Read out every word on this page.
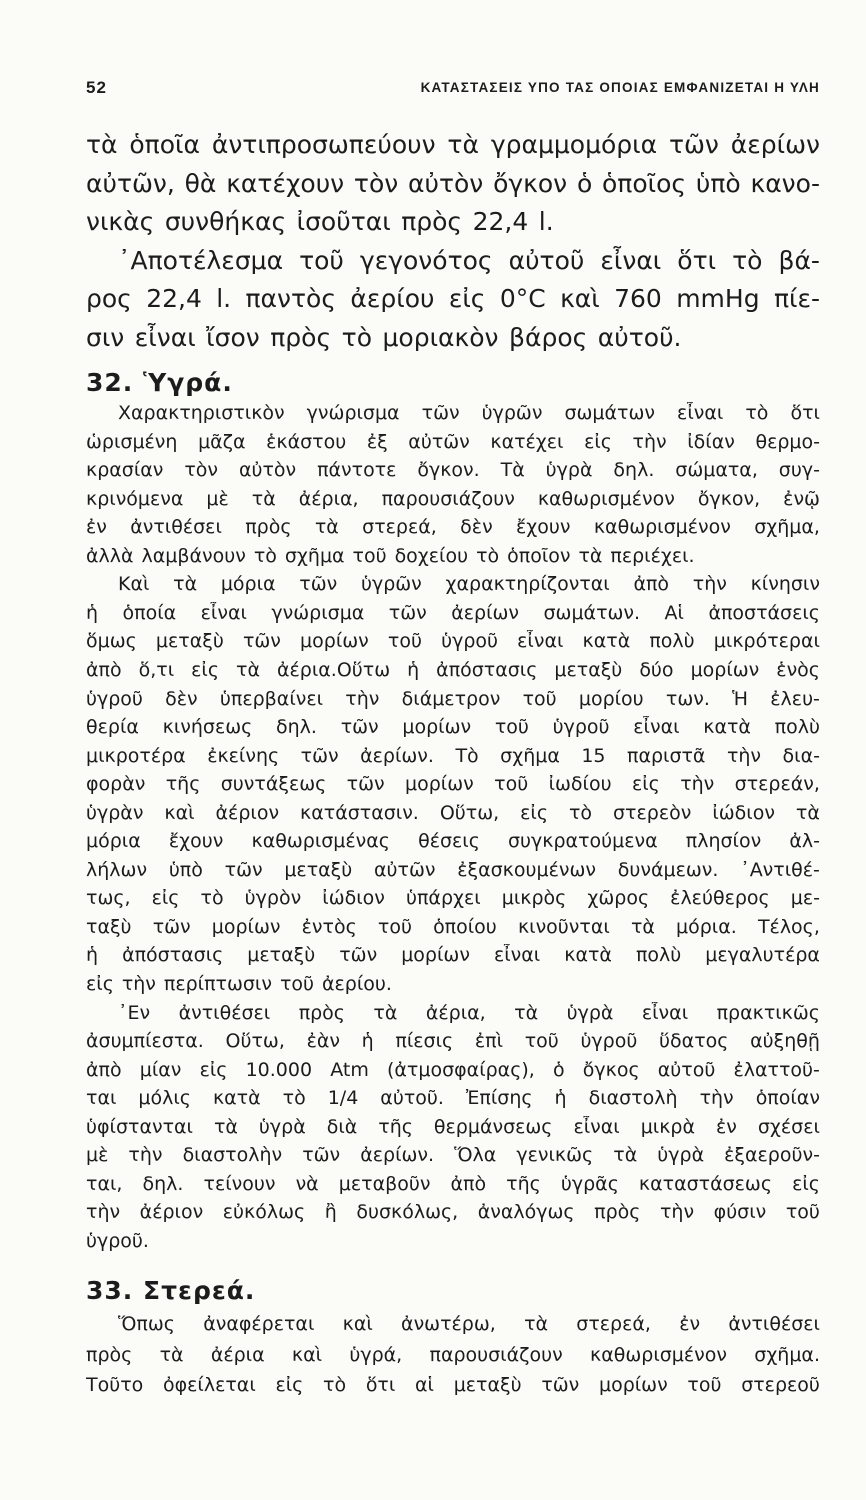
52	ΚΑΤΑΣΤΑΣΕΙΣ ΥΠΟ ΤΑΣ ΟΠΟΙΑΣ ΕΜΦΑΝΙΖΕΤΑΙ Η ΥΛΗ
τὰ ὁποῖα ἀντιπροσωπεύουν τὰ γραμμομόρια τῶν ἀερίων
αὐτῶν, θὰ κατέχουν τὸν αὐτὸν ὄγκον ὁ ὁποῖος ὑπὸ κανο-
νικὰς συνθήκας ἰσοῦται πρὸς 22,4 l.
᾿Αποτέλεσμα τοῦ γεγονότος αὐτοῦ εἶναι ὅτι τὸ βά-
ρος 22,4 l. παντὸς ἀερίου εἰς 0°C καὶ 760 mmHg πίε-
σιν εἶναι ἴσον πρὸς τὸ μοριακὸν βάρος αὐτοῦ.
32. Ὑγρά.
Χαρακτηριστικὸν γνώρισμα τῶν ὑγρῶν σωμάτων εἶναι τὸ ὅτι
ὡρισμένη μᾶζα ἑκάστου ἐξ αὐτῶν κατέχει εἰς τὴν ἰδίαν θερμο-
κρασίαν τὸν αὐτὸν πάντοτε ὄγκον. Τὰ ὑγρὰ δηλ. σώματα, συγ-
κρινόμενα μὲ τὰ ἀέρια, παρουσιάζουν καθωρισμένον ὄγκον, ἐνῷ
ἐν ἀντιθέσει πρὸς τὰ στερεά, δὲν ἔχουν καθωρισμένον σχῆμα,
ἀλλὰ λαμβάνουν τὸ σχῆμα τοῦ δοχείου τὸ ὁποῖον τὰ περιέχει.
Καὶ τὰ μόρια τῶν ὑγρῶν χαρακτηρίζονται ἀπὸ τὴν κίνησιν
ἡ ὁποία εἶναι γνώρισμα τῶν ἀερίων σωμάτων. Αἱ ἀποστάσεις
ὅμως μεταξὺ τῶν μορίων τοῦ ὑγροῦ εἶναι κατὰ πολὺ μικρότεραι
ἀπὸ ὅ,τι εἰς τὰ ἀέρια.Οὕτω ἡ ἀπόστασις μεταξὺ δύο μορίων ἑνὸς
ὑγροῦ δὲν ὑπερβαίνει τὴν διάμετρον τοῦ μορίου των. Ἡ ἐλευ-
θερία κινήσεως δηλ. τῶν μορίων τοῦ ὑγροῦ εἶναι κατὰ πολὺ
μικροτέρα ἐκείνης τῶν ἀερίων. Τὸ σχῆμα 15 παριστᾶ τὴν δια-
φορὰν τῆς συντάξεως τῶν μορίων τοῦ ἰωδίου εἰς τὴν στερεάν,
ὑγρὰν καὶ ἀέριον κατάστασιν. Οὕτω, εἰς τὸ στερεὸν ἰώδιον τὰ
μόρια ἔχουν καθωρισμένας θέσεις συγκρατούμενα πλησίον ἀλ-
λήλων ὑπὸ τῶν μεταξὺ αὐτῶν ἐξασκουμένων δυνάμεων. ᾿Αντιθέ-
τως, εἰς τὸ ὑγρὸν ἰώδιον ὑπάρχει μικρὸς χῶρος ἐλεύθερος με-
ταξὺ τῶν μορίων ἐντὸς τοῦ ὁποίου κινοῦνται τὰ μόρια. Τέλος,
ἡ ἀπόστασις μεταξὺ τῶν μορίων εἶναι κατὰ πολὺ μεγαλυτέρα
εἰς τὴν περίπτωσιν τοῦ ἀερίου.
᾿Εν ἀντιθέσει πρὸς τὰ ἀέρια, τὰ ὑγρὰ εἶναι πρακτικῶς
ἀσυμπίεστα. Οὕτω, ἐὰν ἡ πίεσις ἐπὶ τοῦ ὑγροῦ ὕδατος αὐξηθῇ
ἀπὸ μίαν εἰς 10.000 Atm (ἀτμοσφαίρας), ὁ ὄγκος αὐτοῦ ἐλαττοῦ-
ται μόλις κατὰ τὸ 1/4 αὐτοῦ. Ἐπίσης ἡ διαστολὴ τὴν ὁποίαν
ὑφίστανται τὰ ὑγρὰ διὰ τῆς θερμάνσεως εἶναι μικρὰ ἐν σχέσει
μὲ τὴν διαστολὴν τῶν ἀερίων. Ὅλα γενικῶς τὰ ὑγρὰ ἐξαεροῦν-
ται, δηλ. τείνουν νὰ μεταβοῦν ἀπὸ τῆς ὑγρᾶς καταστάσεως εἰς
τὴν ἀέριον εὐκόλως ἢ δυσκόλως, ἀναλόγως πρὸς τὴν φύσιν τοῦ
ὑγροῦ.
33. Στερεά.
Ὅπως ἀναφέρεται καὶ ἀνωτέρω, τὰ στερεά, ἐν ἀντιθέσει
πρὸς τὰ ἀέρια καὶ ὑγρά, παρουσιάζουν καθωρισμένον σχῆμα.
Τοῦτο ὀφείλεται εἰς τὸ ὅτι αἱ μεταξὺ τῶν μορίων τοῦ στερεοῦ
